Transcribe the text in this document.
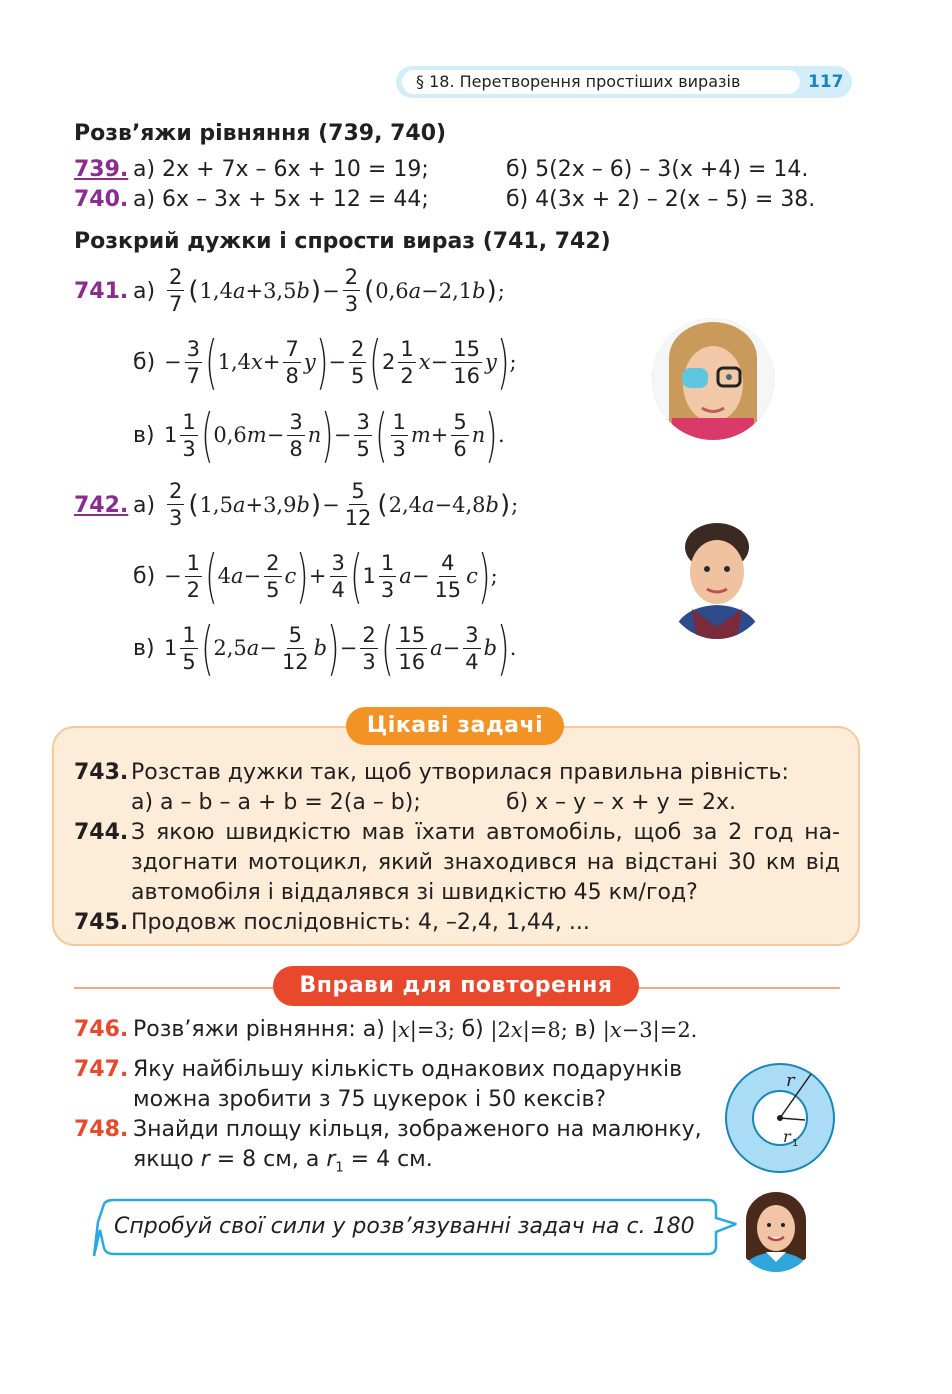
§ 18. Перетворення простіших виразів	117
Розв’яжи рівняння (739, 740)
739. а) 2x + 7x – 6x + 10 = 19;	б) 5(2x – 6) – 3(x +4) = 14.
740. а) 6x – 3x + 5x + 12 = 44;	б) 4(3x + 2) – 2(x – 5) = 38.
Розкрий дужки і спрости вираз (741, 742)
741. а)
2
7 ( 1,4 a +3,5 b ) −
2
3 ( 0,6 a −2,1 b ) ;
б) −
3
7 ( 1,4 x +
7
8
y ) −
2
5 ( 2
1
2
x −
15
16
y ) ;
в) 1
1
3 ( 0,6 m −
3
8
n ) −
3
5 ( 1
3
m +
5
6
n ) .
742. а)
2
3 ( 1,5 a +3,9 b ) −
5
12 ( 2,4 a −4,8 b ) ;
б) −
1
2 ( 4 a −
2
5
c ) +
3
4 ( 1
1
3
a −
4
15
c ) ;
в) 1
1
5 ( 2,5 a −
5
12
b ) −
2
3 ( 15
16
a −
3
4
b ) .
Цікаві задачі
743. Розстав дужки так, щоб утворилася правильна рівність:
а) a – b – a + b = 2(a – b);	б) x – y – x + y = 2x.
744. З якою швидкістю мав їхати автомобіль, щоб за 2 год на-
здогнати мотоцикл, який знаходився на відстані 30 км від
автомобіля і віддалявся зі швидкістю 45 км/год?
745. Продовж послідовність: 4, –2,4, 1,44, ...
Вправи для повторення
746. Розв’яжи рівняння: а) | x |=3; б) |2 x |=8; в) | x −3|=2.
747. Яку найбільшу кількість однакових подарунків
можна зробити з 75 цукерок і 50 кексів?
748. Знайди площу кільця, зображеного на малюнку,
якщо r = 8 см, а $r_1 = 4$ см.
r
r 1
Спробуй свої сили у розв’язуванні задач на с. 180
